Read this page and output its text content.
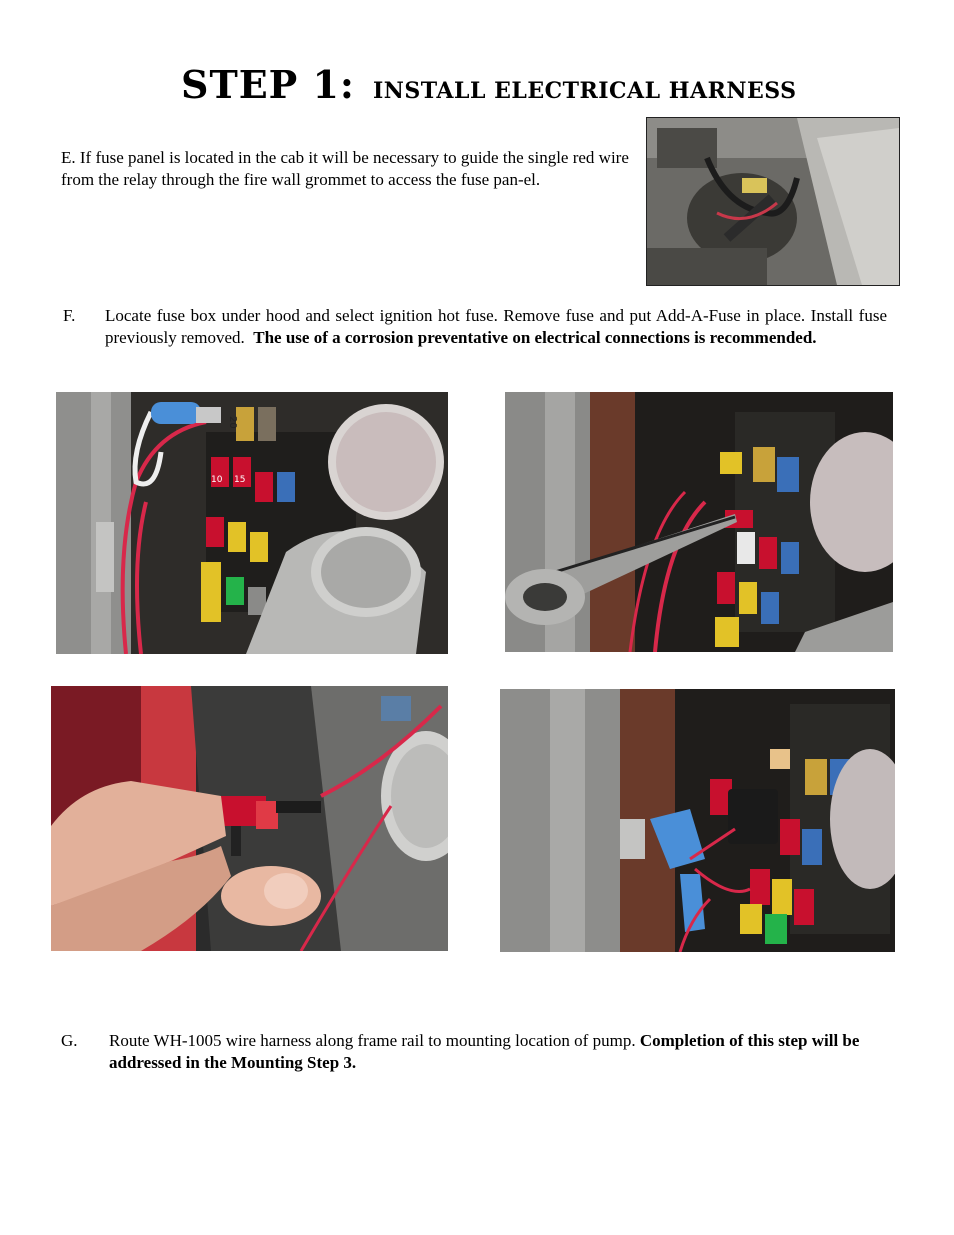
STEP 1: INSTALL ELECTRICAL HARNESS
E. If fuse panel is located in the cab it will be necessary to guide the single red wire from the relay through the fire wall grommet to access the fuse pan-el.
F. Locate fuse box under hood and select ignition hot fuse. Remove fuse and put Add-A-Fuse in place. Install fuse previously removed. The use of a corrosion preventative on electrical connections is recommended.
20
10 15
G. Route WH-1005 wire harness along frame rail to mounting location of pump. Completion of this step will be addressed in the Mounting Step 3.
